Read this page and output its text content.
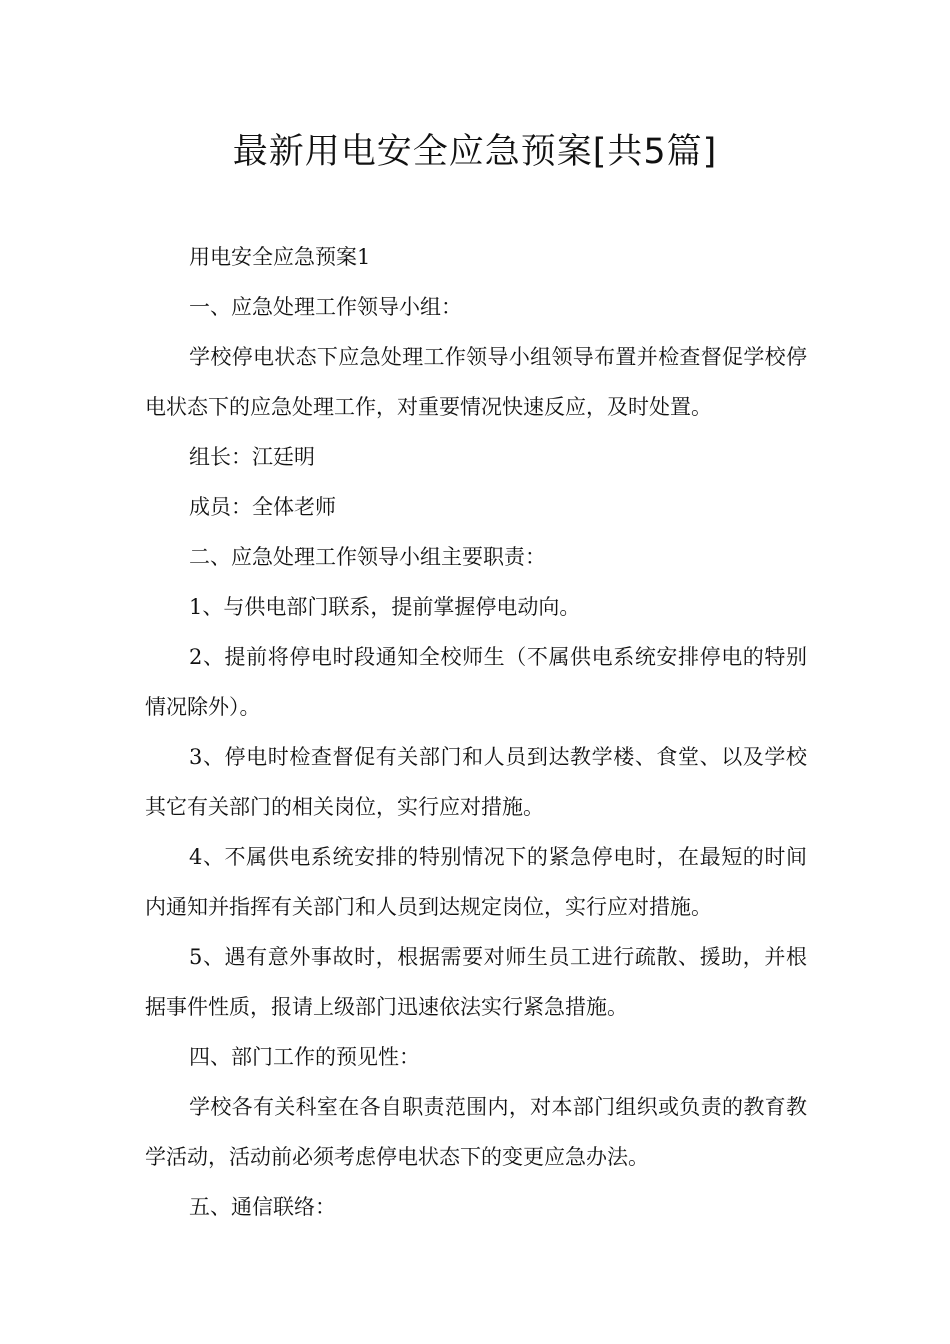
最新用电安全应急预案[共5篇]

用电安全应急预案1

一、应急处理工作领导小组：

学校停电状态下应急处理工作领导小组领导布置并检查督促学校停电状态下的应急处理工作，对重要情况快速反应，及时处置。

组长：江廷明

成员：全体老师

二、应急处理工作领导小组主要职责：

1、与供电部门联系，提前掌握停电动向。

2、提前将停电时段通知全校师生（不属供电系统安排停电的特别情况除外）。

3、停电时检查督促有关部门和人员到达教学楼、食堂、以及学校其它有关部门的相关岗位，实行应对措施。

4、不属供电系统安排的特别情况下的紧急停电时，在最短的时间内通知并指挥有关部门和人员到达规定岗位，实行应对措施。

5、遇有意外事故时，根据需要对师生员工进行疏散、援助，并根据事件性质，报请上级部门迅速依法实行紧急措施。

四、部门工作的预见性：

学校各有关科室在各自职责范围内，对本部门组织或负责的教育教学活动，活动前必须考虑停电状态下的变更应急办法。

五、通信联络：
